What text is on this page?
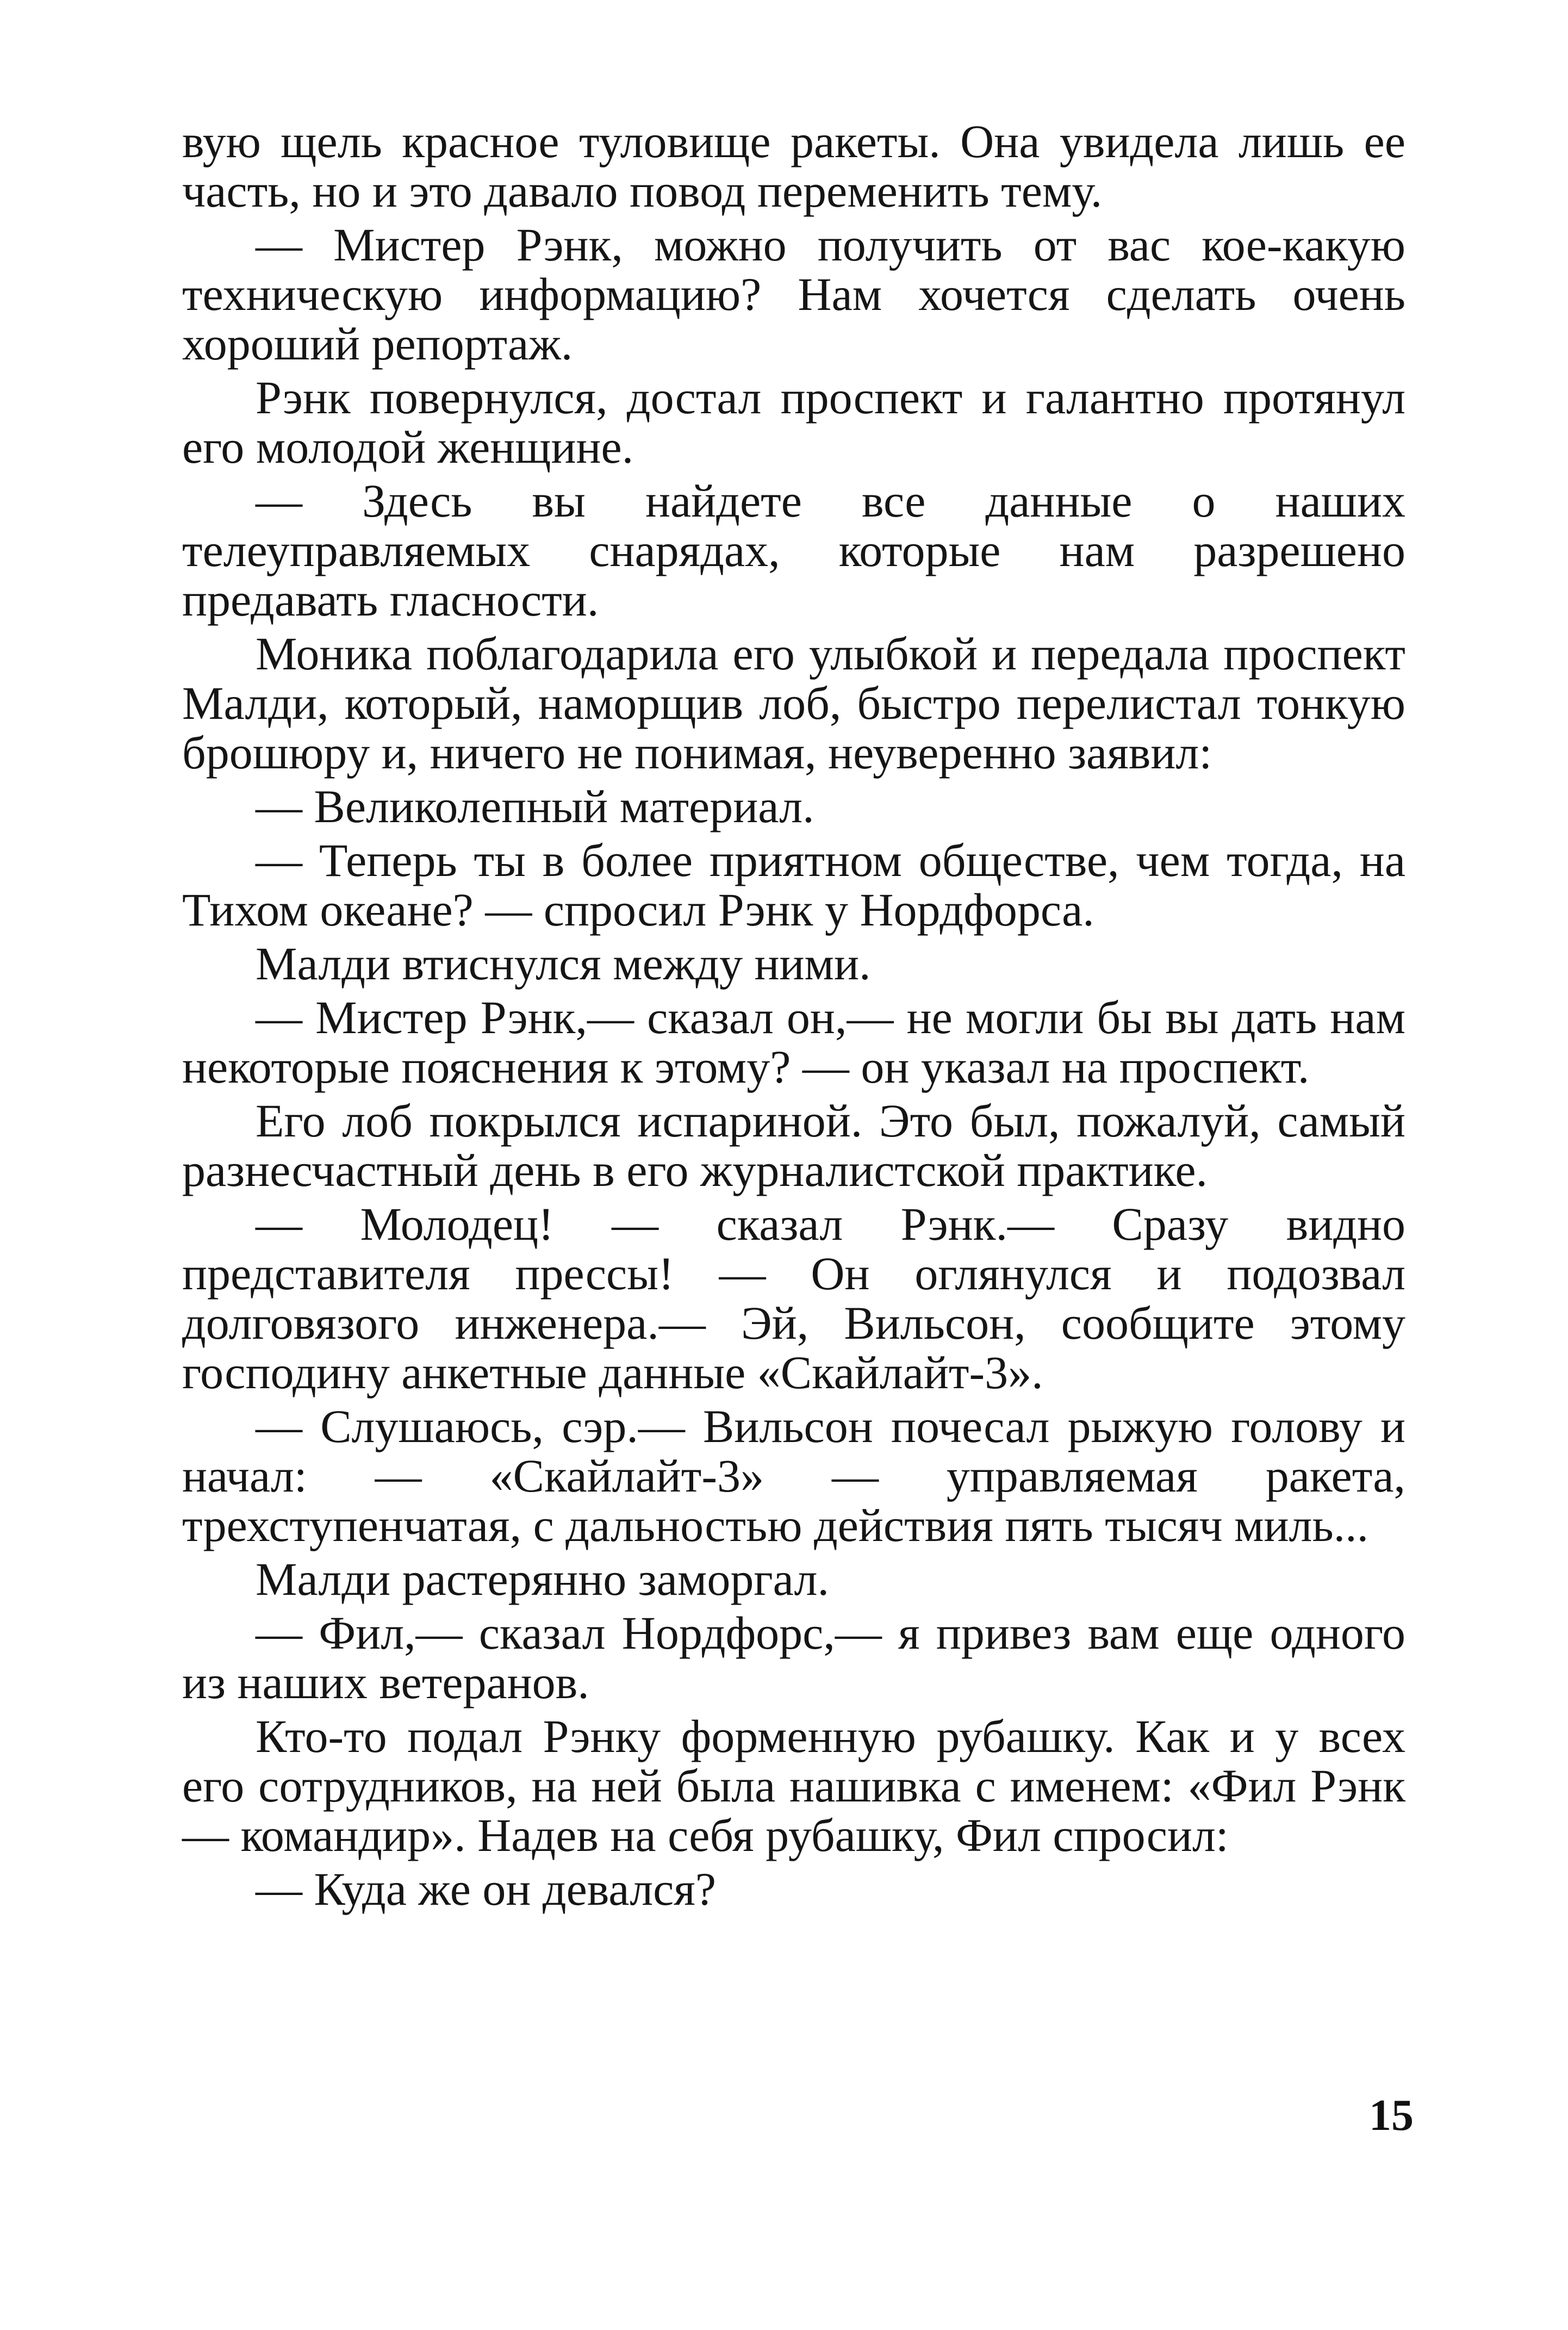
вую щель красное туловище ракеты. Она увидела лишь ее часть, но и это давало повод переменить тему.

— Мистер Рэнк, можно получить от вас кое-какую техническую информацию? Нам хочется сделать очень хороший репортаж.

Рэнк повернулся, достал проспект и галантно протянул его молодой женщине.

— Здесь вы найдете все данные о наших телеуправляемых снарядах, которые нам разрешено предавать гласности.

Моника поблагодарила его улыбкой и передала проспект Малди, который, наморщив лоб, быстро перелистал тонкую брошюру и, ничего не понимая, неуверенно заявил:

— Великолепный материал.

— Теперь ты в более приятном обществе, чем тогда, на Тихом океане? — спросил Рэнк у Нордфорса.

Малди втиснулся между ними.

— Мистер Рэнк,— сказал он,— не могли бы вы дать нам некоторые пояснения к этому? — он указал на проспект.

Его лоб покрылся испариной. Это был, пожалуй, самый разнесчастный день в его журналистской практике.

— Молодец! — сказал Рэнк.— Сразу видно представителя прессы! — Он оглянулся и подозвал долговязого инженера.— Эй, Вильсон, сообщите этому господину анкетные данные «Скайлайт-3».

— Слушаюсь, сэр.— Вильсон почесал рыжую голову и начал: — «Скайлайт-3» — управляемая ракета, трехступенчатая, с дальностью действия пять тысяч миль...

Малди растерянно заморгал.

— Фил,— сказал Нордфорс,— я привез вам еще одного из наших ветеранов.

Кто-то подал Рэнку форменную рубашку. Как и у всех его сотрудников, на ней была нашивка с именем: «Фил Рэнк — командир». Надев на себя рубашку, Фил спросил:

— Куда же он девался?

15
